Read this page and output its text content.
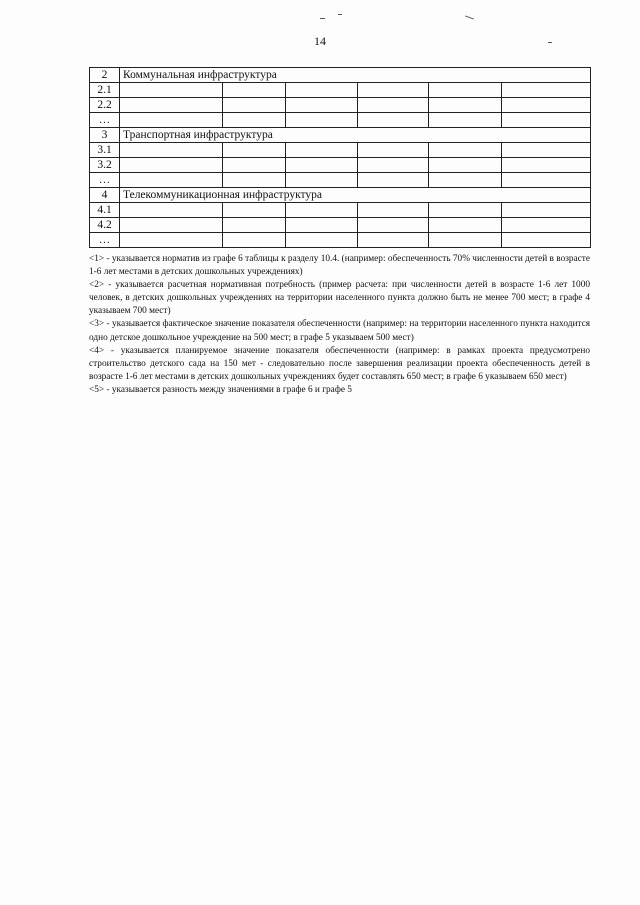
14
2	Коммунальная инфраструктура					
2.1						
2.2						
…						
3	Транспортная инфраструктура					
3.1						
3.2						
…						
4	Телекоммуникационная инфраструктура					
4.1						
4.2						
…						

<1> - указывается норматив из графе 6 таблицы к разделу 10.4. (например: обеспеченность 70% численности детей в возрасте 1-6 лет местами в детских дошкольных учреждениях)

<2> - указывается расчетная нормативная потребность (пример расчета: при численности детей в возрасте 1-6 лет 1000 человек, в детских дошкольных учреждениях на территории населенного пункта должно быть не менее 700 мест; в графе 4 указываем 700 мест)

<3> - указывается фактическое значение показателя обеспеченности (например: на территории населенного пункта находится одно детское дошкольное учреждение на 500 мест; в графе 5 указываем 500 мест)

<4> - указывается планируемое значение показателя обеспеченности (например: в рамках проекта предусмотрено строительство детского сада на 150 мет - следовательно после завершения реализации проекта обеспеченность детей в возрасте 1-6 лет местами в детских дошкольных учреждениях будет составлять 650 мест; в графе 6 указываем 650 мест)

<5> - указывается разность между значениями в графе 6 и графе 5
